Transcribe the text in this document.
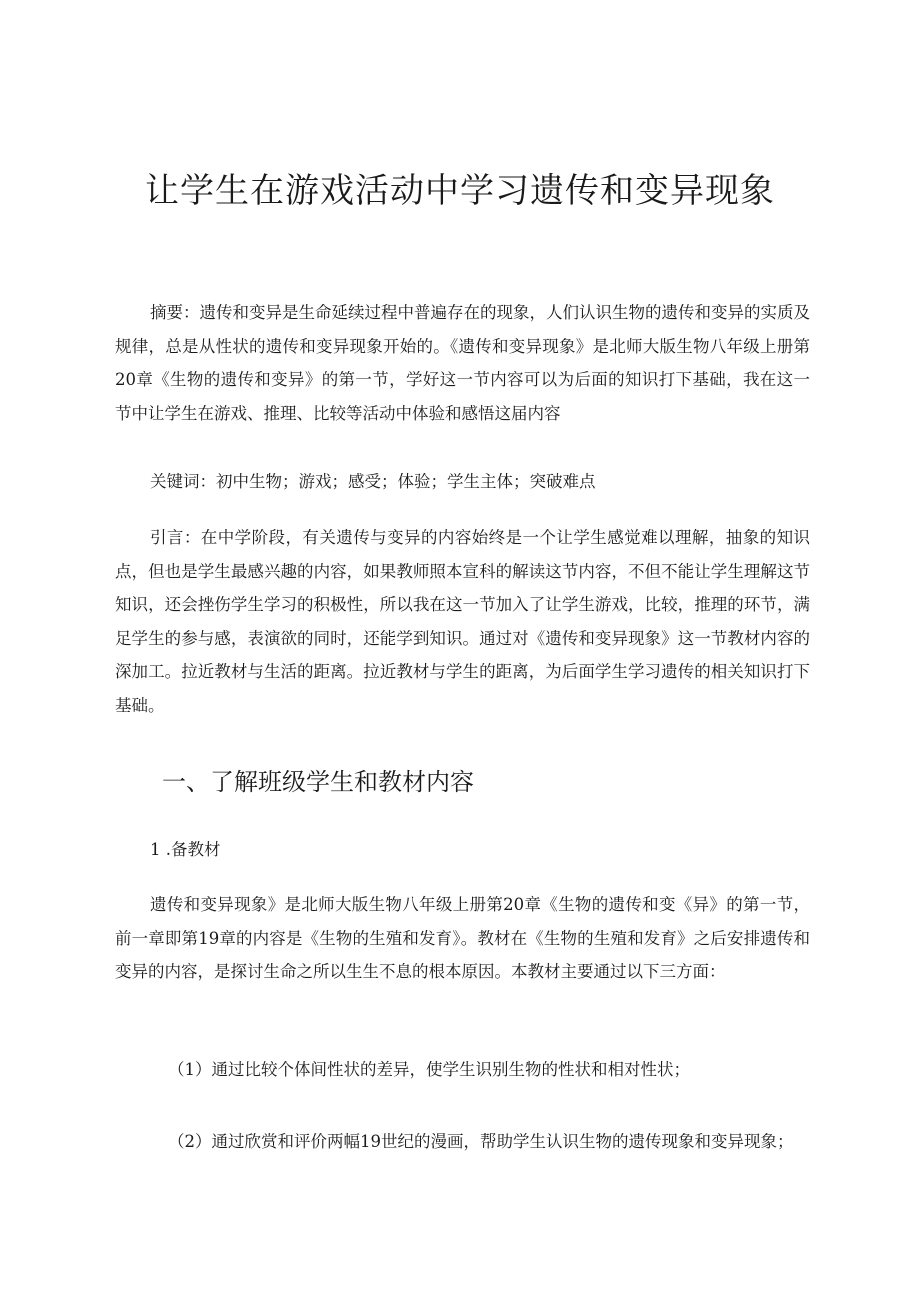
让学生在游戏活动中学习遗传和变异现象

摘要：遗传和变异是生命延续过程中普遍存在的现象，人们认识生物的遗传和变异的实质及规律，总是从性状的遗传和变异现象开始的。《遗传和变异现象》是北师大版生物八年级上册第20章《生物的遗传和变异》的第一节，学好这一节内容可以为后面的知识打下基础，我在这一节中让学生在游戏、推理、比较等活动中体验和感悟这届内容

关键词：初中生物；游戏；感受；体验；学生主体；突破难点

引言：在中学阶段，有关遗传与变异的内容始终是一个让学生感觉难以理解，抽象的知识点，但也是学生最感兴趣的内容，如果教师照本宣科的解读这节内容，不但不能让学生理解这节知识，还会挫伤学生学习的积极性，所以我在这一节加入了让学生游戏，比较，推理的环节，满足学生的参与感，表演欲的同时，还能学到知识。通过对《遗传和变异现象》这一节教材内容的深加工。拉近教材与生活的距离。拉近教材与学生的距离，为后面学生学习遗传的相关知识打下基础。

一、了解班级学生和教材内容

1 .备教材

遗传和变异现象》是北师大版生物八年级上册第20章《生物的遗传和变《异》的第一节，前一章即第19章的内容是《生物的生殖和发育》。教材在《生物的生殖和发育》之后安排遗传和变异的内容，是探讨生命之所以生生不息的根本原因。本教材主要通过以下三方面：

（1）通过比较个体间性状的差异，使学生识别生物的性状和相对性状；

（2）通过欣赏和评价两幅19世纪的漫画，帮助学生认识生物的遗传现象和变异现象；
